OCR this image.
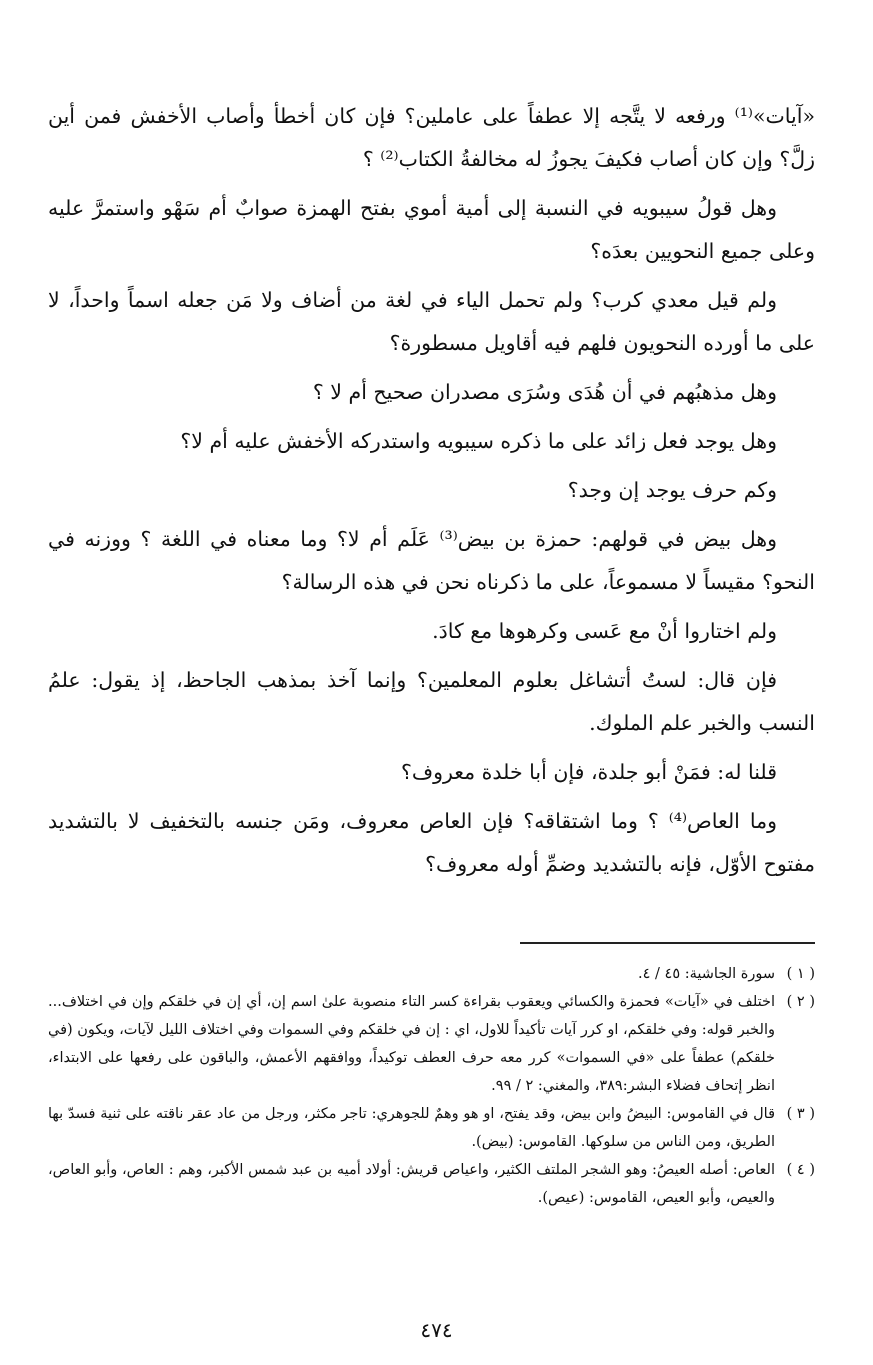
«آيات»⁽¹⁾ ورفعه لا يتَّجه إلا عطفاً على عاملين؟ فإن كان أخطأ وأصاب الأخفش فمن أين زلَّ؟ وإن كان أصاب فكيفَ يجوزُ له مخالفةُ الكتاب⁽²⁾ ؟

وهل قولُ سيبويه في النسبة إلى أمية أموي بفتح الهمزة صوابٌ أم سَهْو واستمرَّ عليه وعلى جميع النحويين بعدَه؟

ولم قيل معدي كرب؟ ولم تحمل الياء في لغة من أضاف ولا مَن جعله اسماً واحداً، لا على ما أورده النحويون فلهم فيه أقاويل مسطورة؟

وهل مذهبُهم في أن هُدَى وسُرَى مصدران صحيح أم لا ؟

وهل يوجد فعل زائد على ما ذكره سيبويه واستدركه الأخفش عليه أم لا؟

وكم حرف يوجد إن وجد؟

وهل بيض في قولهم: حمزة بن بيض⁽³⁾ عَلَم أم لا؟ وما معناه في اللغة ؟ ووزنه في النحو؟ مقيساً لا مسموعاً، على ما ذكرناه نحن في هذه الرسالة؟

ولم اختاروا أنْ مع عَسى وكرهوها مع كادَ.

فإن قال: لستُ أتشاغل بعلوم المعلمين؟ وإنما آخذ بمذهب الجاحظ، إذ يقول: علمُ النسب والخبر علم الملوك.

قلنا له: فمَنْ أبو جلدة، فإن أبا خلدة معروف؟

وما العاص⁽⁴⁾ ؟ وما اشتقاقه؟ فإن العاص معروف، ومَن جنسه بالتخفيف لا بالتشديد مفتوح الأوّل، فإنه بالتشديد وضمِّ أوله معروف؟

( ١ )
سورة الجاشية: ٤٥ / ٤.
( ٢ )
اختلف في «آيات» فحمزة والكسائي ويعقوب بقراءة كسر التاء منصوبة علىٰ اسم إن، أي إن في خلقكم وإن في اختلاف... والخبر قوله: وفي خلقكم، او كرر آيات تأكيداً للاول، اي : إن في خلقكم وفي السموات وفي اختلاف الليل لآيات، ويكون (في خلقكم) عطفاً على «في السموات» كرر معه حرف العطف توكيداً، ووافقهم الأعمش، والباقون على رفعها على الابتداء، انظر إتحاف فضلاء البشر:٣٨٩، والمغني: ٢ / ٩٩.
( ٣ )
قال في القاموس: البيضُ وابن بيض، وقد يفتح، او هو وهمٌ للجوهري: تاجر مكثر، ورجل من عاد عقر ناقته على ثنية فسدّ بها الطريق، ومن الناس من سلوكها. القاموس: (بيض).
( ٤ )
العاص: أصله العيصُ: وهو الشجر الملتف الكثير، واعياص قريش: أولاد أميه بن عبد شمس الأكبر، وهم : العاص، وأبو العاص، والعيص، وأبو العيص، القاموس: (عيص).
٤٧٤
